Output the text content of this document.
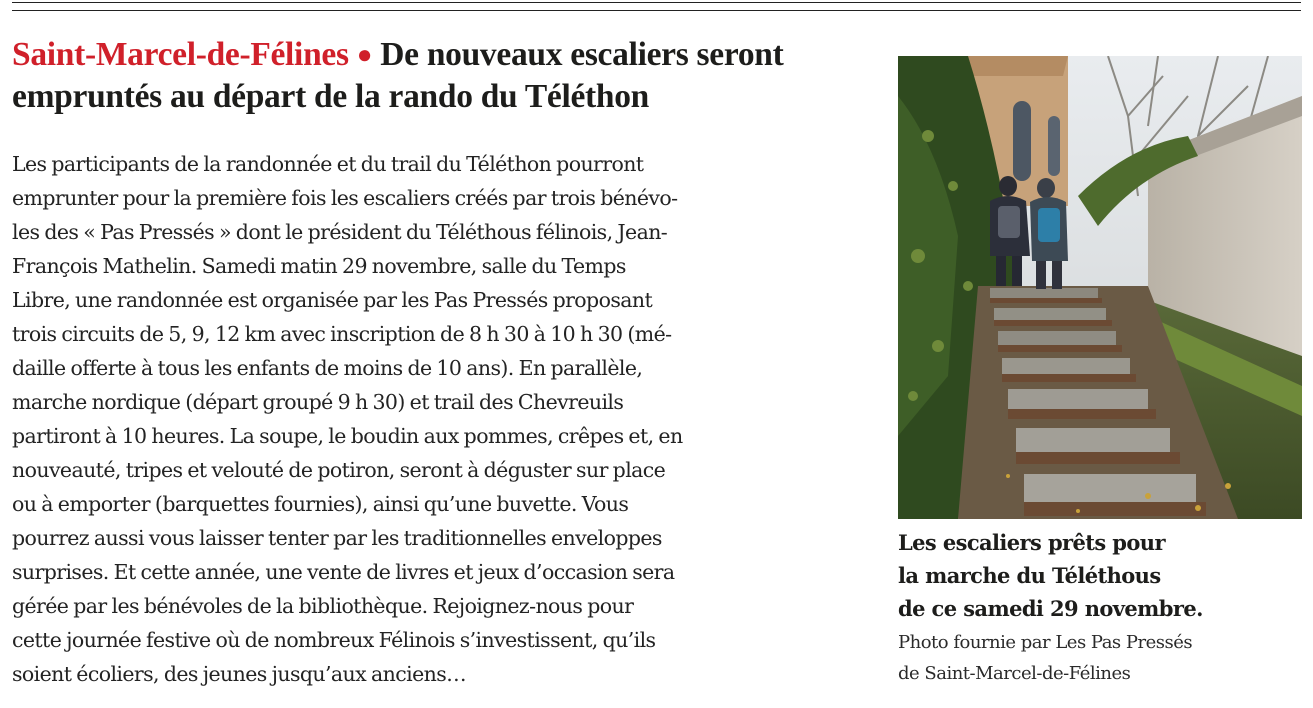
Saint-Marcel-de-Félines ● De nouveaux escaliers seront
empruntés au départ de la rando du Téléthon
Les participants de la randonnée et du trail du Téléthon pourront
emprunter pour la première fois les escaliers créés par trois bénévo-
les des « Pas Pressés » dont le président du Téléthous félinois, Jean-
François Mathelin. Samedi matin 29 novembre, salle du Temps
Libre, une randonnée est organisée par les Pas Pressés proposant
trois circuits de 5, 9, 12 km avec inscription de 8 h 30 à 10 h 30 (mé-
daille offerte à tous les enfants de moins de 10 ans). En parallèle,
marche nordique (départ groupé 9 h 30) et trail des Chevreuils
partiront à 10 heures. La soupe, le boudin aux pommes, crêpes et, en
nouveauté, tripes et velouté de potiron, seront à déguster sur place
ou à emporter (barquettes fournies), ainsi qu’une buvette. Vous
pourrez aussi vous laisser tenter par les traditionnelles enveloppes
surprises. Et cette année, une vente de livres et jeux d’occasion sera
gérée par les bénévoles de la bibliothèque. Rejoignez-nous pour
cette journée festive où de nombreux Félinois s’investissent, qu’ils
soient écoliers, des jeunes jusqu’aux anciens…
Les escaliers prêts pour
la marche du Téléthous
de ce samedi 29 novembre.
Photo fournie par Les Pas Pressés
de Saint-Marcel-de-Félines
